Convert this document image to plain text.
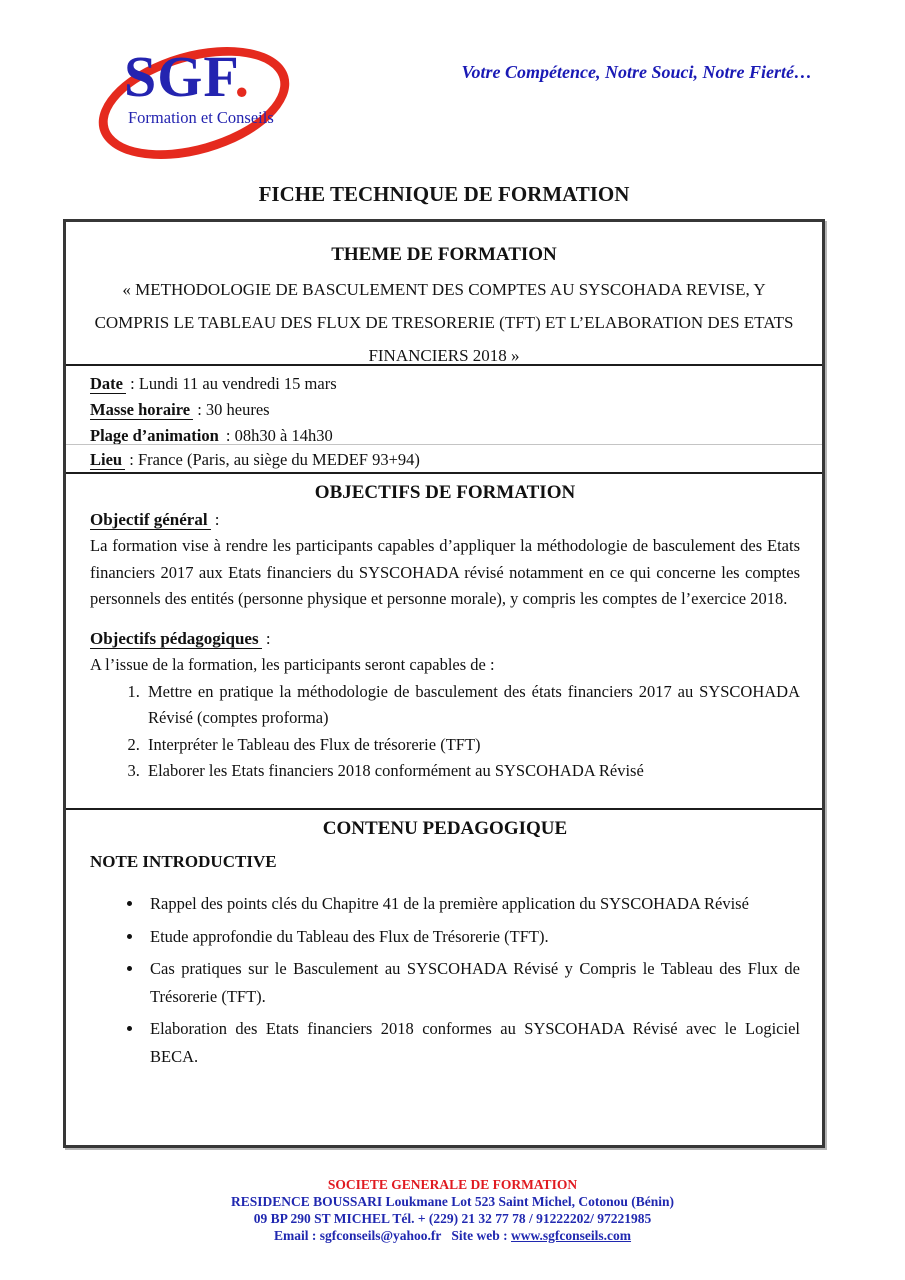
SGF.
Formation et Conseils
Votre Compétence, Notre Souci, Notre Fierté…
FICHE TECHNIQUE DE FORMATION
THEME DE FORMATION
« METHODOLOGIE DE BASCULEMENT DES COMPTES AU SYSCOHADA REVISE, Y COMPRIS LE TABLEAU DES FLUX DE TRESORERIE (TFT) ET L’ELABORATION DES ETATS FINANCIERS 2018 »

Date : Lundi 11 au vendredi 15 mars

Masse horaire : 30 heures

Plage d’animation : 08h30 à 14h30

Lieu : France (Paris, au siège du MEDEF 93+94)

OBJECTIFS DE FORMATION

Objectif général :

La formation vise à rendre les participants capables d’appliquer la méthodologie de basculement des Etats financiers 2017 aux Etats financiers du SYSCOHADA révisé notamment en ce qui concerne les comptes personnels des entités (personne physique et personne morale), y compris les comptes de l’exercice 2018.

Objectifs pédagogiques :

A l’issue de la formation, les participants seront capables de :

1. Mettre en pratique la méthodologie de basculement des états financiers 2017 au SYSCOHADA Révisé (comptes proforma)
2. Interpréter le Tableau des Flux de trésorerie (TFT)
3. Elaborer les Etats financiers 2018 conformément au SYSCOHADA Révisé
CONTENU PEDAGOGIQUE

NOTE INTRODUCTIVE

• Rappel des points clés du Chapitre 41 de la première application du SYSCOHADA Révisé
• Etude approfondie du Tableau des Flux de Trésorerie (TFT).
• Cas pratiques sur le Basculement au SYSCOHADA Révisé y Compris le Tableau des Flux de Trésorerie (TFT).
• Elaboration des Etats financiers 2018 conformes au SYSCOHADA Révisé avec le Logiciel BECA.
SOCIETE GENERALE DE FORMATION
RESIDENCE BOUSSARI Loukmane Lot 523 Saint Michel, Cotonou (Bénin)
09 BP 290 ST MICHEL Tél. + (229) 21 32 77 78 / 91222202/ 97221985
Email : sgfconseils@yahoo.fr Site web : www.sgfconseils.com
